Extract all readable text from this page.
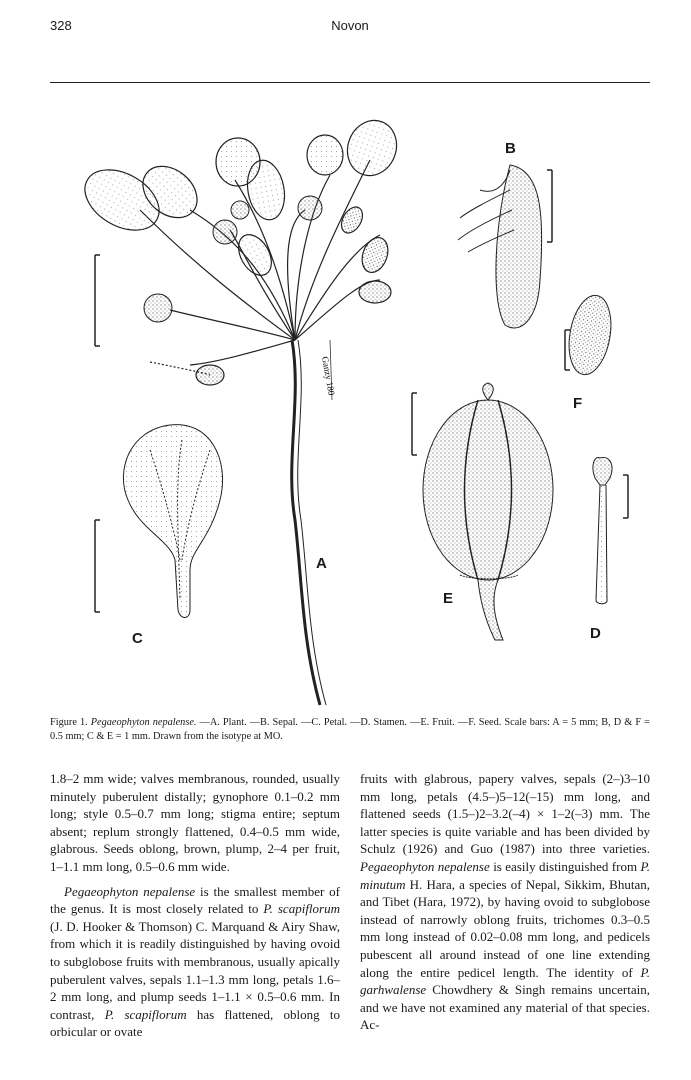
328	Novon
Ganzy 180
B
F
A
E
C	D
Figure 1. Pegaeophyton nepalense. —A. Plant. —B. Sepal. —C. Petal. —D. Stamen. —E. Fruit. —F. Seed. Scale bars: A = 5 mm; B, D & F = 0.5 mm; C & E = 1 mm. Drawn from the isotype at MO.

1.8–2 mm wide; valves membranous, rounded, usually minutely puberulent distally; gynophore 0.1–0.2 mm long; style 0.5–0.7 mm long; stigma entire; septum absent; replum strongly flattened, 0.4–0.5 mm wide, glabrous. Seeds oblong, brown, plump, 2–4 per fruit, 1–1.1 mm long, 0.5–0.6 mm wide.

Pegaeophyton nepalense is the smallest member of the genus. It is most closely related to P. scapiflorum (J. D. Hooker & Thomson) C. Marquand & Airy Shaw, from which it is readily distinguished by having ovoid to subglobose fruits with membranous, usually apically puberulent valves, sepals 1.1–1.3 mm long, petals 1.6–2 mm long, and plump seeds 1–1.1 × 0.5–0.6 mm. In contrast, P. scapiflorum has flattened, oblong to orbicular or ovate

fruits with glabrous, papery valves, sepals (2–)3–10 mm long, petals (4.5–)5–12(–15) mm long, and flattened seeds (1.5–)2–3.2(–4) × 1–2(–3) mm. The latter species is quite variable and has been divided by Schulz (1926) and Guo (1987) into three varieties. Pegaeophyton nepalense is easily distinguished from P. minutum H. Hara, a species of Nepal, Sikkim, Bhutan, and Tibet (Hara, 1972), by having ovoid to subglobose instead of narrowly oblong fruits, trichomes 0.3–0.5 mm long instead of 0.02–0.08 mm long, and pedicels pubescent all around instead of one line extending along the entire pedicel length. The identity of P. garhwalense Chowdhery & Singh remains uncertain, and we have not examined any material of that species. Ac-
